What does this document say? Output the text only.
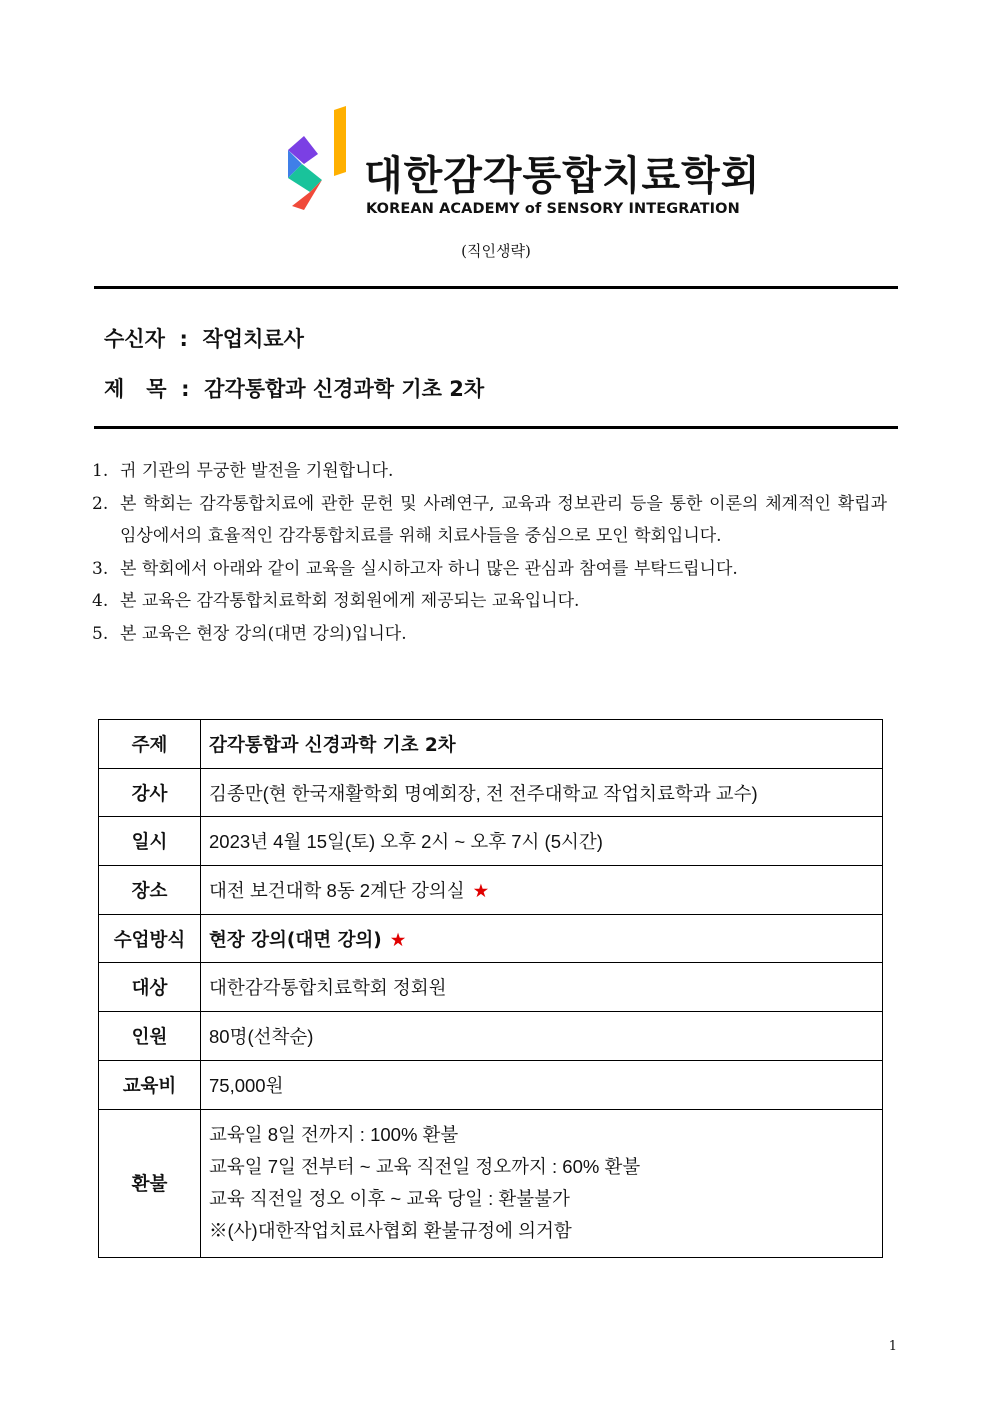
대한감각통합치료학회
KOREAN ACADEMY of SENSORY INTEGRATION
(직인생략)
수신자  :  작업치료사
제   목  :  감각통합과 신경과학 기초 2차
1. 귀 기관의 무궁한 발전을 기원합니다.
2. 본 학회는 감각통합치료에 관한 문헌 및 사례연구, 교육과 정보관리 등을 통한 이론의 체계적인 확립과 임상에서의 효율적인 감각통합치료를 위해 치료사들을 중심으로 모인 학회입니다.
3. 본 학회에서 아래와 같이 교육을 실시하고자 하니 많은 관심과 참여를 부탁드립니다.
4. 본 교육은 감각통합치료학회 정회원에게 제공되는 교육입니다.
5. 본 교육은 현장 강의(대면 강의)입니다.
주제	감각통합과 신경과학 기초 2차
강사	김종만(현 한국재활학회 명예회장, 전 전주대학교 작업치료학과 교수)
일시	2023년 4월 15일(토) 오후 2시 ~ 오후 7시 (5시간)
장소	대전 보건대학 8동 2계단 강의실 ★
수업방식	현장 강의(대면 강의) ★
대상	대한감각통합치료학회 정회원
인원	80명(선착순)
교육비	75,000원
환불	교육일 8일 전까지 : 100% 환불
교육일 7일 전부터 ~ 교육 직전일 정오까지 : 60% 환불
교육 직전일 정오 이후 ~ 교육 당일 : 환불불가
※(사)대한작업치료사협회 환불규정에 의거함
1
